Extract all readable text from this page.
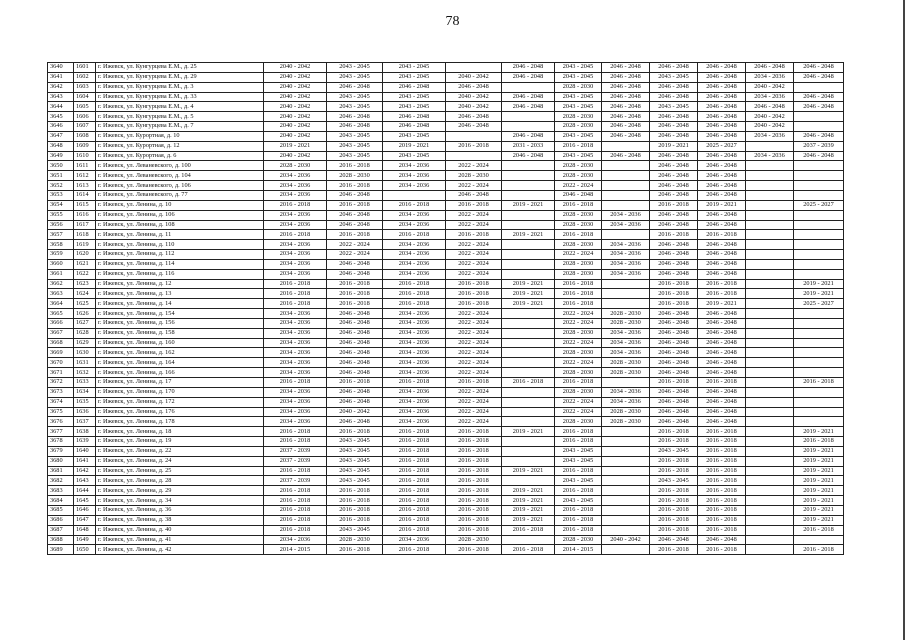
78
3640	1601	г. Ижевск, ул. Кунгурцева Е.М., д. 25	2040 - 2042	2043 - 2045	2043 - 2045		2046 - 2048	2043 - 2045	2046 - 2048	2046 - 2048	2046 - 2048	2046 - 2048	2046 - 2048
3641	1602	г. Ижевск, ул. Кунгурцева Е.М., д. 29	2040 - 2042	2043 - 2045	2043 - 2045	2040 - 2042	2046 - 2048	2043 - 2045	2046 - 2048	2043 - 2045	2046 - 2048	2034 - 2036	2046 - 2048
3642	1603	г. Ижевск, ул. Кунгурцева Е.М., д. 3	2040 - 2042	2046 - 2048	2046 - 2048	2046 - 2048		2028 - 2030	2046 - 2048	2046 - 2048	2046 - 2048	2040 - 2042	
3643	1604	г. Ижевск, ул. Кунгурцева Е.М., д. 33	2040 - 2042	2043 - 2045	2043 - 2045	2040 - 2042	2046 - 2048	2043 - 2045	2046 - 2048	2046 - 2048	2046 - 2048	2034 - 2036	2046 - 2048
3644	1605	г. Ижевск, ул. Кунгурцева Е.М., д. 4	2040 - 2042	2043 - 2045	2043 - 2045	2040 - 2042	2046 - 2048	2043 - 2045	2046 - 2048	2043 - 2045	2046 - 2048	2046 - 2048	2046 - 2048
3645	1606	г. Ижевск, ул. Кунгурцева Е.М., д. 5	2040 - 2042	2046 - 2048	2046 - 2048	2046 - 2048		2028 - 2030	2046 - 2048	2046 - 2048	2046 - 2048	2040 - 2042	
3646	1607	г. Ижевск, ул. Кунгурцева Е.М., д. 7	2040 - 2042	2046 - 2048	2046 - 2048	2046 - 2048		2028 - 2030	2046 - 2048	2046 - 2048	2046 - 2048	2040 - 2042	
3647	1608	г. Ижевск, ул. Курортная, д. 10	2040 - 2042	2043 - 2045	2043 - 2045		2046 - 2048	2043 - 2045	2046 - 2048	2046 - 2048	2046 - 2048	2034 - 2036	2046 - 2048
3648	1609	г. Ижевск, ул. Курортная, д. 12	2019 - 2021	2043 - 2045	2019 - 2021	2016 - 2018	2031 - 2033	2016 - 2018		2019 - 2021	2025 - 2027		2037 - 2039
3649	1610	г. Ижевск, ул. Курортная, д. 6	2040 - 2042	2043 - 2045	2043 - 2045		2046 - 2048	2043 - 2045	2046 - 2048	2046 - 2048	2046 - 2048	2034 - 2036	2046 - 2048
3650	1611	г. Ижевск, ул. Леваневского, д. 100	2028 - 2030	2016 - 2018	2034 - 2036	2022 - 2024		2028 - 2030		2046 - 2048	2046 - 2048		
3651	1612	г. Ижевск, ул. Леваневского, д. 104	2034 - 2036	2028 - 2030	2034 - 2036	2028 - 2030		2028 - 2030		2046 - 2048	2046 - 2048		
3652	1613	г. Ижевск, ул. Леваневского, д. 106	2034 - 2036	2016 - 2018	2034 - 2036	2022 - 2024		2022 - 2024		2046 - 2048	2046 - 2048		
3653	1614	г. Ижевск, ул. Леваневского, д. 77	2034 - 2036	2046 - 2048		2046 - 2048		2046 - 2048		2046 - 2048	2046 - 2048		
3654	1615	г. Ижевск, ул. Ленина, д. 10	2016 - 2018	2016 - 2018	2016 - 2018	2016 - 2018	2019 - 2021	2016 - 2018		2016 - 2018	2019 - 2021		2025 - 2027
3655	1616	г. Ижевск, ул. Ленина, д. 106	2034 - 2036	2046 - 2048	2034 - 2036	2022 - 2024		2028 - 2030	2034 - 2036	2046 - 2048	2046 - 2048		
3656	1617	г. Ижевск, ул. Ленина, д. 108	2034 - 2036	2046 - 2048	2034 - 2036	2022 - 2024		2028 - 2030	2034 - 2036	2046 - 2048	2046 - 2048		
3657	1618	г. Ижевск, ул. Ленина, д. 11	2016 - 2018	2016 - 2018	2016 - 2018	2016 - 2018	2019 - 2021	2016 - 2018		2016 - 2018	2016 - 2018		
3658	1619	г. Ижевск, ул. Ленина, д. 110	2034 - 2036	2022 - 2024	2034 - 2036	2022 - 2024		2028 - 2030	2034 - 2036	2046 - 2048	2046 - 2048		
3659	1620	г. Ижевск, ул. Ленина, д. 112	2034 - 2036	2022 - 2024	2034 - 2036	2022 - 2024		2022 - 2024	2034 - 2036	2046 - 2048	2046 - 2048		
3660	1621	г. Ижевск, ул. Ленина, д. 114	2034 - 2036	2046 - 2048	2034 - 2036	2022 - 2024		2028 - 2030	2034 - 2036	2046 - 2048	2046 - 2048		
3661	1622	г. Ижевск, ул. Ленина, д. 116	2034 - 2036	2046 - 2048	2034 - 2036	2022 - 2024		2028 - 2030	2034 - 2036	2046 - 2048	2046 - 2048		
3662	1623	г. Ижевск, ул. Ленина, д. 12	2016 - 2018	2016 - 2018	2016 - 2018	2016 - 2018	2019 - 2021	2016 - 2018		2016 - 2018	2016 - 2018		2019 - 2021
3663	1624	г. Ижевск, ул. Ленина, д. 13	2016 - 2018	2016 - 2018	2016 - 2018	2016 - 2018	2019 - 2021	2016 - 2018		2016 - 2018	2016 - 2018		2019 - 2021
3664	1625	г. Ижевск, ул. Ленина, д. 14	2016 - 2018	2016 - 2018	2016 - 2018	2016 - 2018	2019 - 2021	2016 - 2018		2016 - 2018	2019 - 2021		2025 - 2027
3665	1626	г. Ижевск, ул. Ленина, д. 154	2034 - 2036	2046 - 2048	2034 - 2036	2022 - 2024		2022 - 2024	2028 - 2030	2046 - 2048	2046 - 2048		
3666	1627	г. Ижевск, ул. Ленина, д. 156	2034 - 2036	2046 - 2048	2034 - 2036	2022 - 2024		2022 - 2024	2028 - 2030	2046 - 2048	2046 - 2048		
3667	1628	г. Ижевск, ул. Ленина, д. 158	2034 - 2036	2046 - 2048	2034 - 2036	2022 - 2024		2028 - 2030	2034 - 2036	2046 - 2048	2046 - 2048		
3668	1629	г. Ижевск, ул. Ленина, д. 160	2034 - 2036	2046 - 2048	2034 - 2036	2022 - 2024		2022 - 2024	2034 - 2036	2046 - 2048	2046 - 2048		
3669	1630	г. Ижевск, ул. Ленина, д. 162	2034 - 2036	2046 - 2048	2034 - 2036	2022 - 2024		2028 - 2030	2034 - 2036	2046 - 2048	2046 - 2048		
3670	1631	г. Ижевск, ул. Ленина, д. 164	2034 - 2036	2046 - 2048	2034 - 2036	2022 - 2024		2022 - 2024	2028 - 2030	2046 - 2048	2046 - 2048		
3671	1632	г. Ижевск, ул. Ленина, д. 166	2034 - 2036	2046 - 2048	2034 - 2036	2022 - 2024		2028 - 2030	2028 - 2030	2046 - 2048	2046 - 2048		
3672	1633	г. Ижевск, ул. Ленина, д. 17	2016 - 2018	2016 - 2018	2016 - 2018	2016 - 2018	2016 - 2018	2016 - 2018		2016 - 2018	2016 - 2018		2016 - 2018
3673	1634	г. Ижевск, ул. Ленина, д. 170	2034 - 2036	2046 - 2048	2034 - 2036	2022 - 2024		2028 - 2030	2034 - 2036	2046 - 2048	2046 - 2048		
3674	1635	г. Ижевск, ул. Ленина, д. 172	2034 - 2036	2046 - 2048	2034 - 2036	2022 - 2024		2022 - 2024	2034 - 2036	2046 - 2048	2046 - 2048		
3675	1636	г. Ижевск, ул. Ленина, д. 176	2034 - 2036	2040 - 2042	2034 - 2036	2022 - 2024		2022 - 2024	2028 - 2030	2046 - 2048	2046 - 2048		
3676	1637	г. Ижевск, ул. Ленина, д. 178	2034 - 2036	2046 - 2048	2034 - 2036	2022 - 2024		2028 - 2030	2028 - 2030	2046 - 2048	2046 - 2048		
3677	1638	г. Ижевск, ул. Ленина, д. 18	2016 - 2018	2016 - 2018	2016 - 2018	2016 - 2018	2019 - 2021	2016 - 2018		2016 - 2018	2016 - 2018		2019 - 2021
3678	1639	г. Ижевск, ул. Ленина, д. 19	2016 - 2018	2043 - 2045	2016 - 2018	2016 - 2018		2016 - 2018		2016 - 2018	2016 - 2018		2016 - 2018
3679	1640	г. Ижевск, ул. Ленина, д. 22	2037 - 2039	2043 - 2045	2016 - 2018	2016 - 2018		2043 - 2045		2043 - 2045	2016 - 2018		2019 - 2021
3680	1641	г. Ижевск, ул. Ленина, д. 24	2037 - 2039	2043 - 2045	2016 - 2018	2016 - 2018		2043 - 2045		2016 - 2018	2016 - 2018		2019 - 2021
3681	1642	г. Ижевск, ул. Ленина, д. 25	2016 - 2018	2043 - 2045	2016 - 2018	2016 - 2018	2019 - 2021	2016 - 2018		2016 - 2018	2016 - 2018		2019 - 2021
3682	1643	г. Ижевск, ул. Ленина, д. 28	2037 - 2039	2043 - 2045	2016 - 2018	2016 - 2018		2043 - 2045		2043 - 2045	2016 - 2018		2019 - 2021
3683	1644	г. Ижевск, ул. Ленина, д. 29	2016 - 2018	2016 - 2018	2016 - 2018	2016 - 2018	2019 - 2021	2016 - 2018		2016 - 2018	2016 - 2018		2019 - 2021
3684	1645	г. Ижевск, ул. Ленина, д. 34	2016 - 2018	2016 - 2018	2016 - 2018	2016 - 2018	2019 - 2021	2043 - 2045		2016 - 2018	2016 - 2018		2019 - 2021
3685	1646	г. Ижевск, ул. Ленина, д. 36	2016 - 2018	2016 - 2018	2016 - 2018	2016 - 2018	2019 - 2021	2016 - 2018		2016 - 2018	2016 - 2018		2019 - 2021
3686	1647	г. Ижевск, ул. Ленина, д. 38	2016 - 2018	2016 - 2018	2016 - 2018	2016 - 2018	2019 - 2021	2016 - 2018		2016 - 2018	2016 - 2018		2019 - 2021
3687	1648	г. Ижевск, ул. Ленина, д. 40	2016 - 2018	2043 - 2045	2016 - 2018	2016 - 2018	2016 - 2018	2016 - 2018		2016 - 2018	2016 - 2018		2016 - 2018
3688	1649	г. Ижевск, ул. Ленина, д. 41	2034 - 2036	2028 - 2030	2034 - 2036	2028 - 2030		2028 - 2030	2040 - 2042	2046 - 2048	2046 - 2048		
3689	1650	г. Ижевск, ул. Ленина, д. 42	2014 - 2015	2016 - 2018	2016 - 2018	2016 - 2018	2016 - 2018	2014 - 2015		2016 - 2018	2016 - 2018		2016 - 2018
